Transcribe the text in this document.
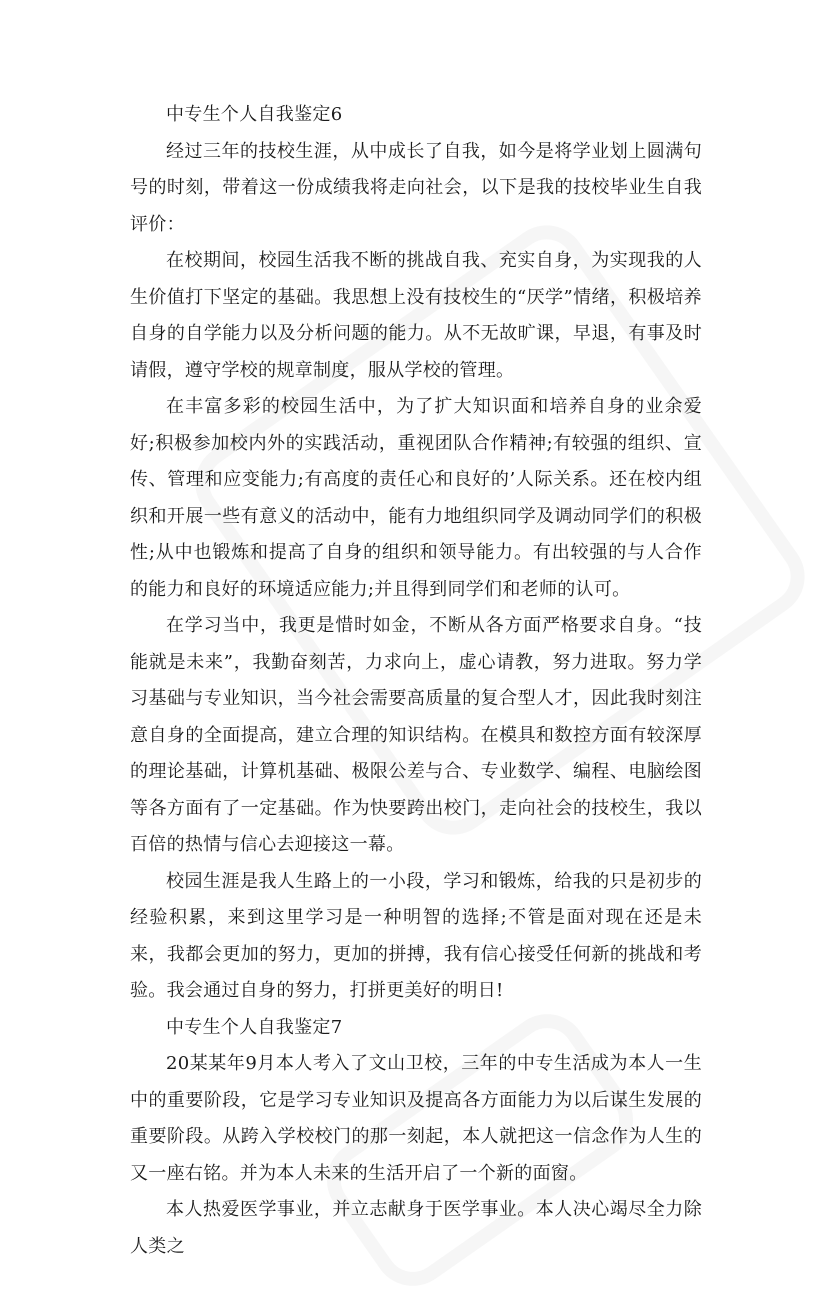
中专生个人自我鉴定6

经过三年的技校生涯，从中成长了自我，如今是将学业划上圆满句号的时刻，带着这一份成绩我将走向社会，以下是我的技校毕业生自我评价：

在校期间，校园生活我不断的挑战自我、充实自身，为实现我的人生价值打下坚定的基础。我思想上没有技校生的“厌学”情绪，积极培养自身的自学能力以及分析问题的能力。从不无故旷课，早退，有事及时请假，遵守学校的规章制度，服从学校的管理。

在丰富多彩的校园生活中，为了扩大知识面和培养自身的业余爱好;积极参加校内外的实践活动，重视团队合作精神;有较强的组织、宣传、管理和应变能力;有高度的责任心和良好的’人际关系。还在校内组织和开展一些有意义的活动中，能有力地组织同学及调动同学们的积极性;从中也锻炼和提高了自身的组织和领导能力。有出较强的与人合作的能力和良好的环境适应能力;并且得到同学们和老师的认可。

在学习当中，我更是惜时如金，不断从各方面严格要求自身。“技能就是未来”，我勤奋刻苦，力求向上，虚心请教，努力进取。努力学习基础与专业知识，当今社会需要高质量的复合型人才，因此我时刻注意自身的全面提高，建立合理的知识结构。在模具和数控方面有较深厚的理论基础，计算机基础、极限公差与合、专业数学、编程、电脑绘图等各方面有了一定基础。作为快要跨出校门，走向社会的技校生，我以百倍的热情与信心去迎接这一幕。

校园生涯是我人生路上的一小段，学习和锻炼，给我的只是初步的经验积累，来到这里学习是一种明智的选择;不管是面对现在还是未来，我都会更加的努力，更加的拼搏，我有信心接受任何新的挑战和考验。我会通过自身的努力，打拼更美好的明日!

中专生个人自我鉴定7

20某某年9月本人考入了文山卫校，三年的中专生活成为本人一生中的重要阶段，它是学习专业知识及提高各方面能力为以后谋生发展的重要阶段。从跨入学校校门的那一刻起，本人就把这一信念作为人生的又一座右铭。并为本人未来的生活开启了一个新的面窗。

本人热爱医学事业，并立志献身于医学事业。本人决心竭尽全力除人类之
